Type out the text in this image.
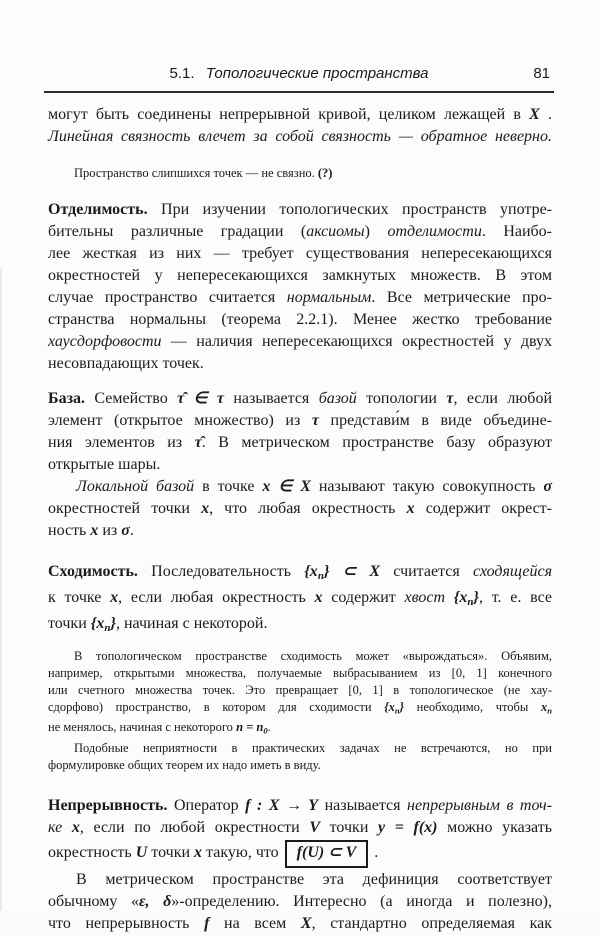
5.1. Топологические пространства	81
могут быть соединены непрерывной кривой, целиком лежащей в X .
Линейная связность влечет за собой связность — обратное неверно.
Пространство слипшихся точек — не связно. (?)
Отделимость. При изучении топологических пространств употре-
бительны различные градации (аксиомы) отделимости. Наибо-
лее жесткая из них — требует существования непересекающихся
окрестностей у непересекающихся замкнутых множеств. В этом
случае пространство считается нормальным. Все метрические про-
странства нормальны (теорема 2.2.1). Менее жестко требование
хаусдорфовости — наличия непересекающихся окрестностей у двух
несовпадающих точек.
База. Семейство τ̂ ∈ τ называется базой топологии τ, если любой
элемент (открытое множество) из τ представи́м в виде объедине-
ния элементов из τ̂. В метрическом пространстве базу образуют
открытые шары.
Локальной базой в точке x ∈ X называют такую совокупность σ
окрестностей точки x, что любая окрестность x содержит окрест-
ность x из σ.
Сходимость. Последовательность {xn} ⊂ X считается сходящейся
к точке x, если любая окрестность x содержит хвост {xn}, т. е. все
точки {xn}, начиная с некоторой.
В топологическом пространстве сходимость может «вырождаться». Объявим,
например, открытыми множества, получаемые выбрасыванием из [0, 1] конечного
или счетного множества точек. Это превращает [0, 1] в топологическое (не хау-
сдорфово) пространство, в котором для сходимости {xn} необходимо, чтобы xn
не менялось, начиная с некоторого n = n0.
Подобные неприятности в практических задачах не встречаются, но при
формулировке общих теорем их надо иметь в виду.
Непрерывность. Оператор f : X → Y называется непрерывным в точ-
ке x, если по любой окрестности V точки y = f(x) можно указать
окрестность U точки x такую, что f(U) ⊂ V .
В метрическом пространстве эта дефиниция соответствует
обычному «ε, δ»-определению. Интересно (а иногда и полезно),
что непрерывность f на всем X, стандартно определяемая как
